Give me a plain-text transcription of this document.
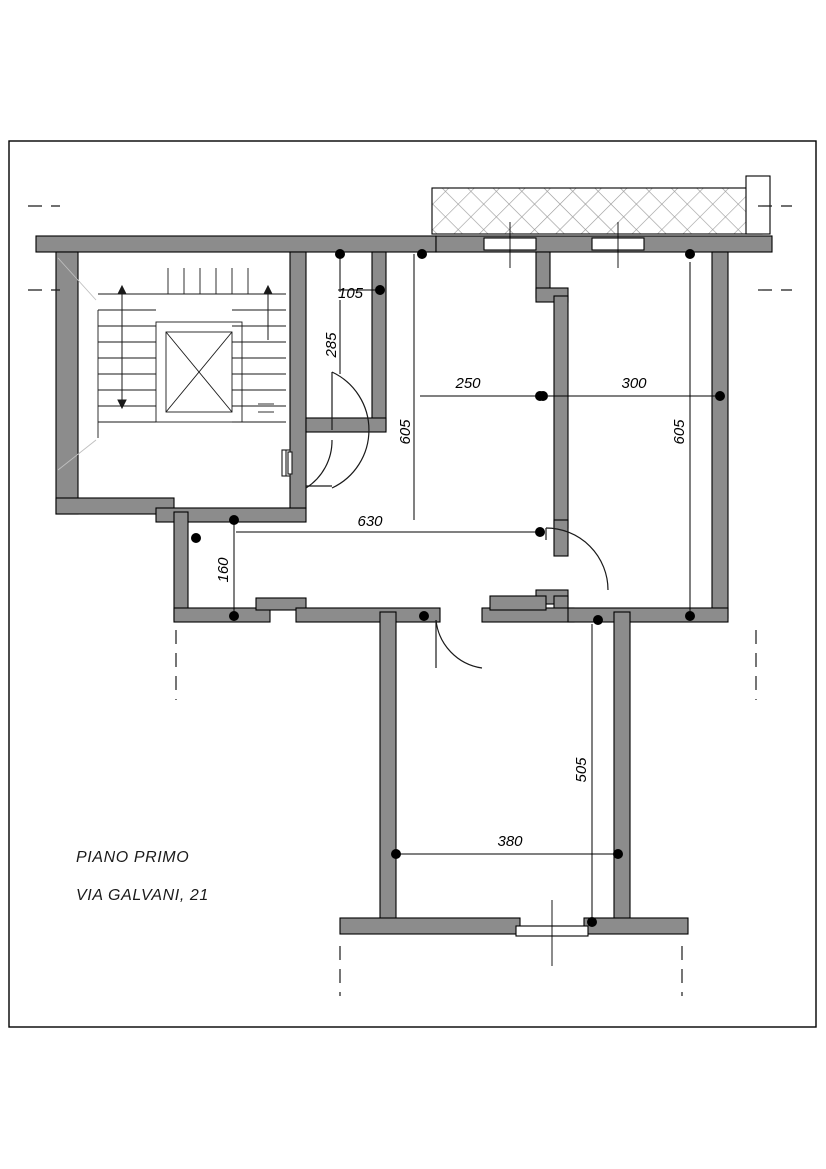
105
285
250	300
605	605
630
160
505
380
PIANO PRIMO
VIA GALVANI, 21
